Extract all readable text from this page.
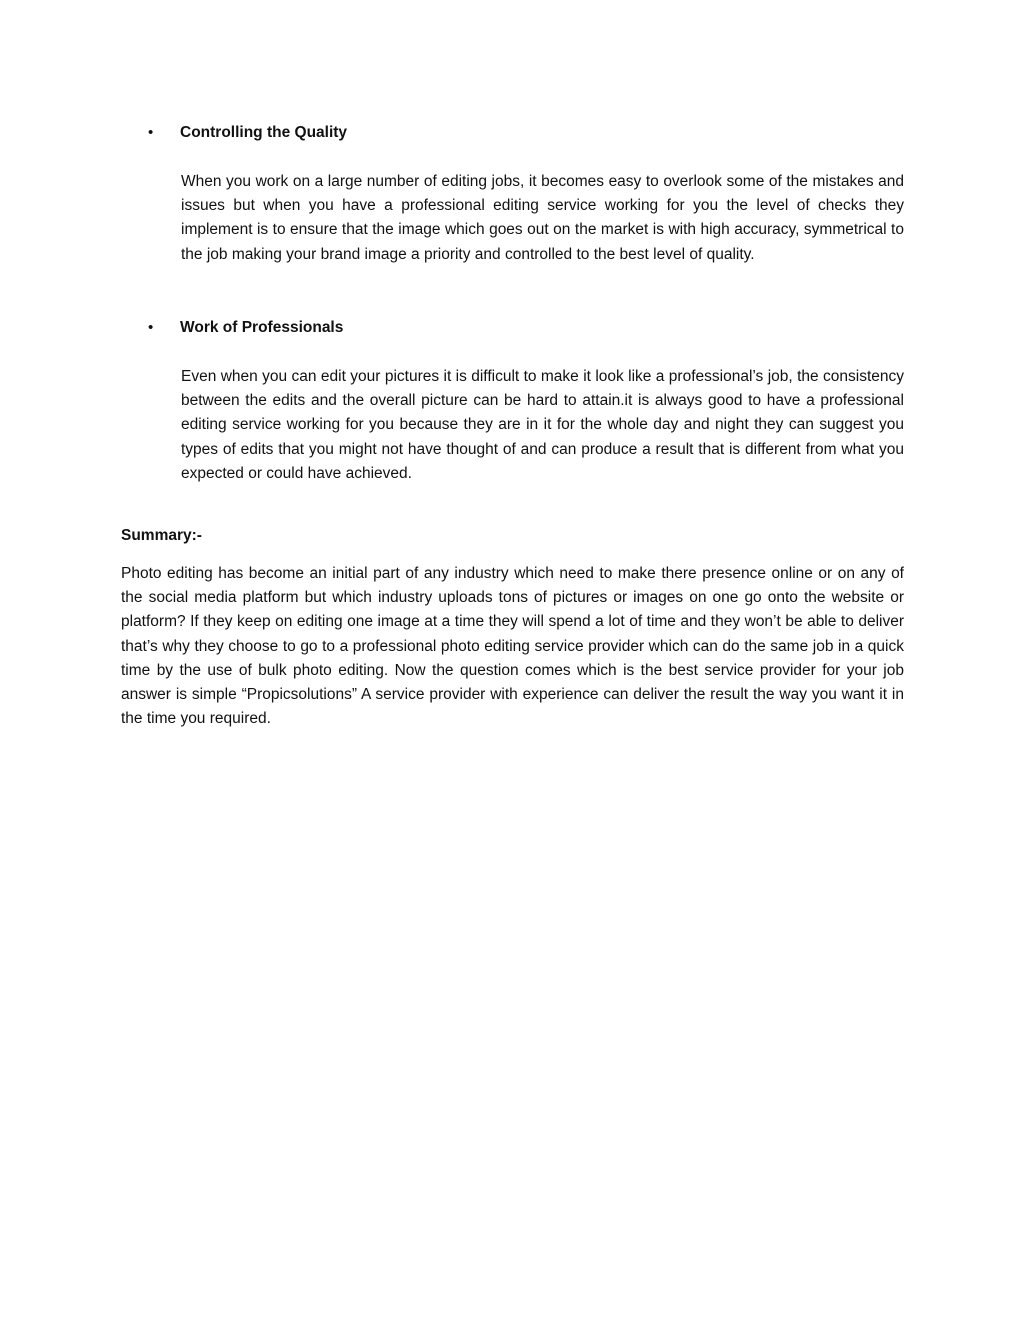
•	Controlling the Quality

When you work on a large number of editing jobs, it becomes easy to overlook some of the mistakes and issues but when you have a professional editing service working for you the level of checks they implement is to ensure that the image which goes out on the market is with high accuracy, symmetrical to the job making your brand image a priority and controlled to the best level of quality.

•	Work of Professionals

Even when you can edit your pictures it is difficult to make it look like a professional’s job, the consistency between the edits and the overall picture can be hard to attain.it is always good to have a professional editing service working for you because they are in it for the whole day and night they can suggest you types of edits that you might not have thought of and can produce a result that is different from what you expected or could have achieved.

Summary:-

Photo editing has become an initial part of any industry which need to make there presence online or on any of the social media platform but which industry uploads tons of pictures or images on one go onto the website or platform? If they keep on editing one image at a time they will spend a lot of time and they won’t be able to deliver that’s why they choose to go to a professional photo editing service provider which can do the same job in a quick time by the use of bulk photo editing. Now the question comes which is the best service provider for your job answer is simple “Propicsolutions” A service provider with experience can deliver the result the way you want it in the time you required.
